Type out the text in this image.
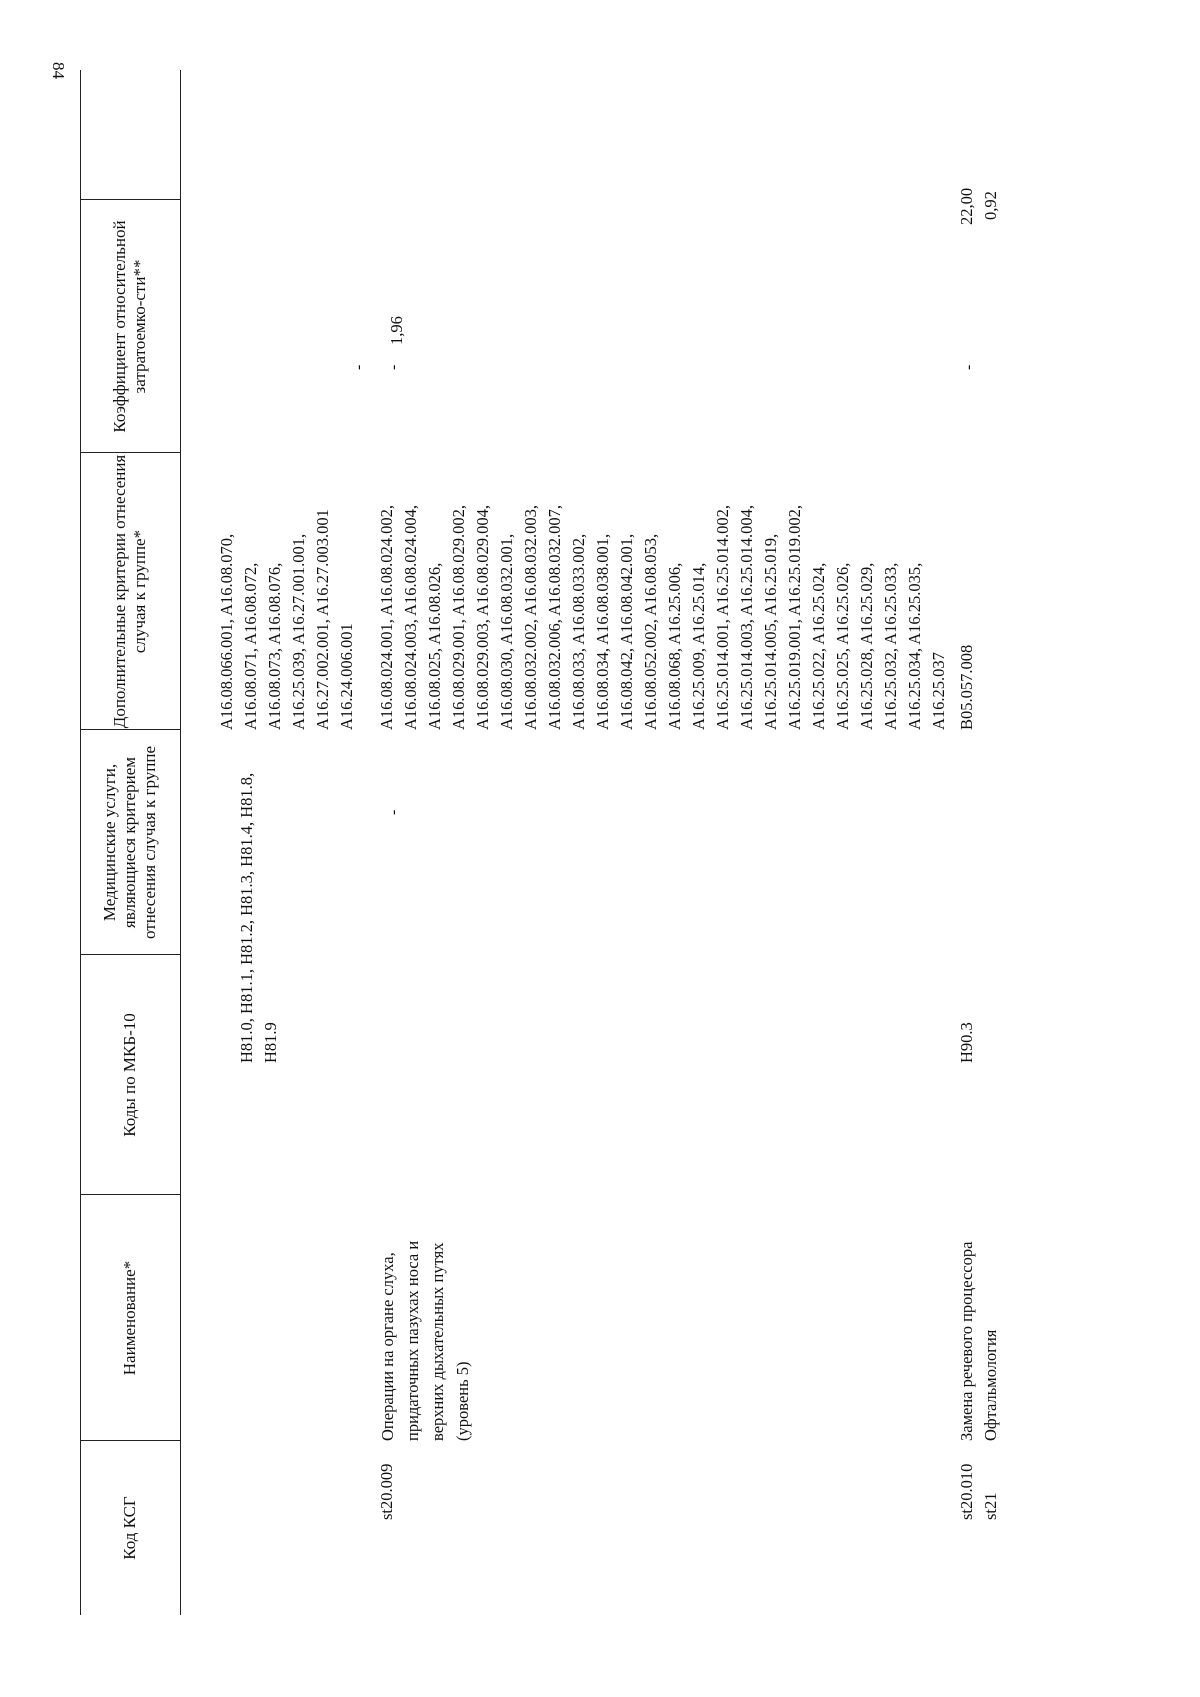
84
Код КСГ
Наименование*
Коды по МКБ-10
Медицинские услуги, являющиеся критерием отнесения случая к группе
Дополнительные критерии отнесения случая к группе*
Коэффициент относительной затратоемко-сти**
H81.0, H81.1, H81.2, H81.3, H81.4, H81.8, H81.9
A16.08.066.001, A16.08.070, A16.08.071, A16.08.072, A16.08.073, A16.08.076, A16.25.039, A16.27.001.001, A16.27.002.001, A16.27.003.001 A16.24.006.001
-
st20.009
Операции на органе слуха, придаточных пазухах носа и верхних дыхательных путях (уровень 5)
-
A16.08.024.001, A16.08.024.002, A16.08.024.003, A16.08.024.004, A16.08.025, A16.08.026, A16.08.029.001, A16.08.029.002, A16.08.029.003, A16.08.029.004, A16.08.030, A16.08.032.001, A16.08.032.002, A16.08.032.003, A16.08.032.006, A16.08.032.007, A16.08.033, A16.08.033.002, A16.08.034, A16.08.038.001, A16.08.042, A16.08.042.001, A16.08.052.002, A16.08.053, A16.08.068, A16.25.006, A16.25.009, A16.25.014, A16.25.014.001, A16.25.014.002, A16.25.014.003, A16.25.014.004, A16.25.014.005, A16.25.019, A16.25.019.001, A16.25.019.002, A16.25.022, A16.25.024, A16.25.025, A16.25.026, A16.25.028, A16.25.029, A16.25.032, A16.25.033, A16.25.034, A16.25.035, A16.25.037
-
1,96
st20.010
Замена речевого процессора
H90.3
B05.057.008
-
22,00
st21
Офтальмология
0,92
